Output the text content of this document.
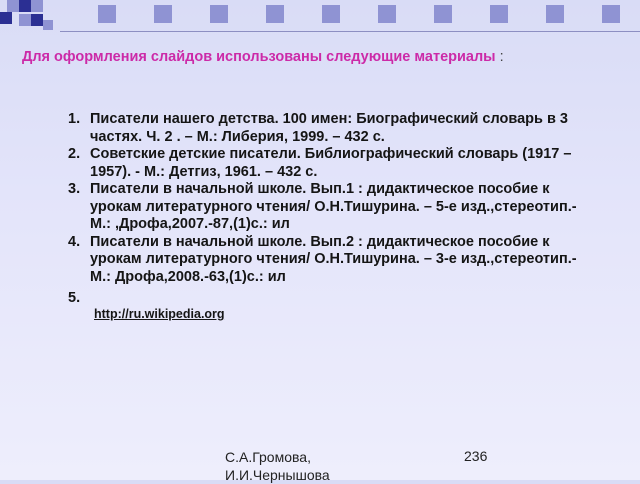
Для оформления слайдов использованы следующие материалы :
1. Писатели нашего детства. 100 имен: Биографический словарь в 3 частях. Ч. 2 . – М.: Либерия, 1999. – 432 с.
2. Советские детские писатели. Библиографический словарь (1917 – 1957). - М.: Детгиз, 1961. – 432 с.
3. Писатели в начальной школе. Вып.1 : дидактическое пособие к урокам литературного чтения/ О.Н.Тишурина. – 5-е изд.,стереотип.-М.: ,Дрофа,2007.-87,(1)с.: ил
4. Писатели в начальной школе. Вып.2 : дидактическое пособие к урокам литературного чтения/ О.Н.Тишурина. – 3-е изд.,стереотип.-М.: Дрофа,2008.-63,(1)с.: ил
5.
http://ru.wikipedia.org
С.А.Громова, И.И.Чернышова
236
